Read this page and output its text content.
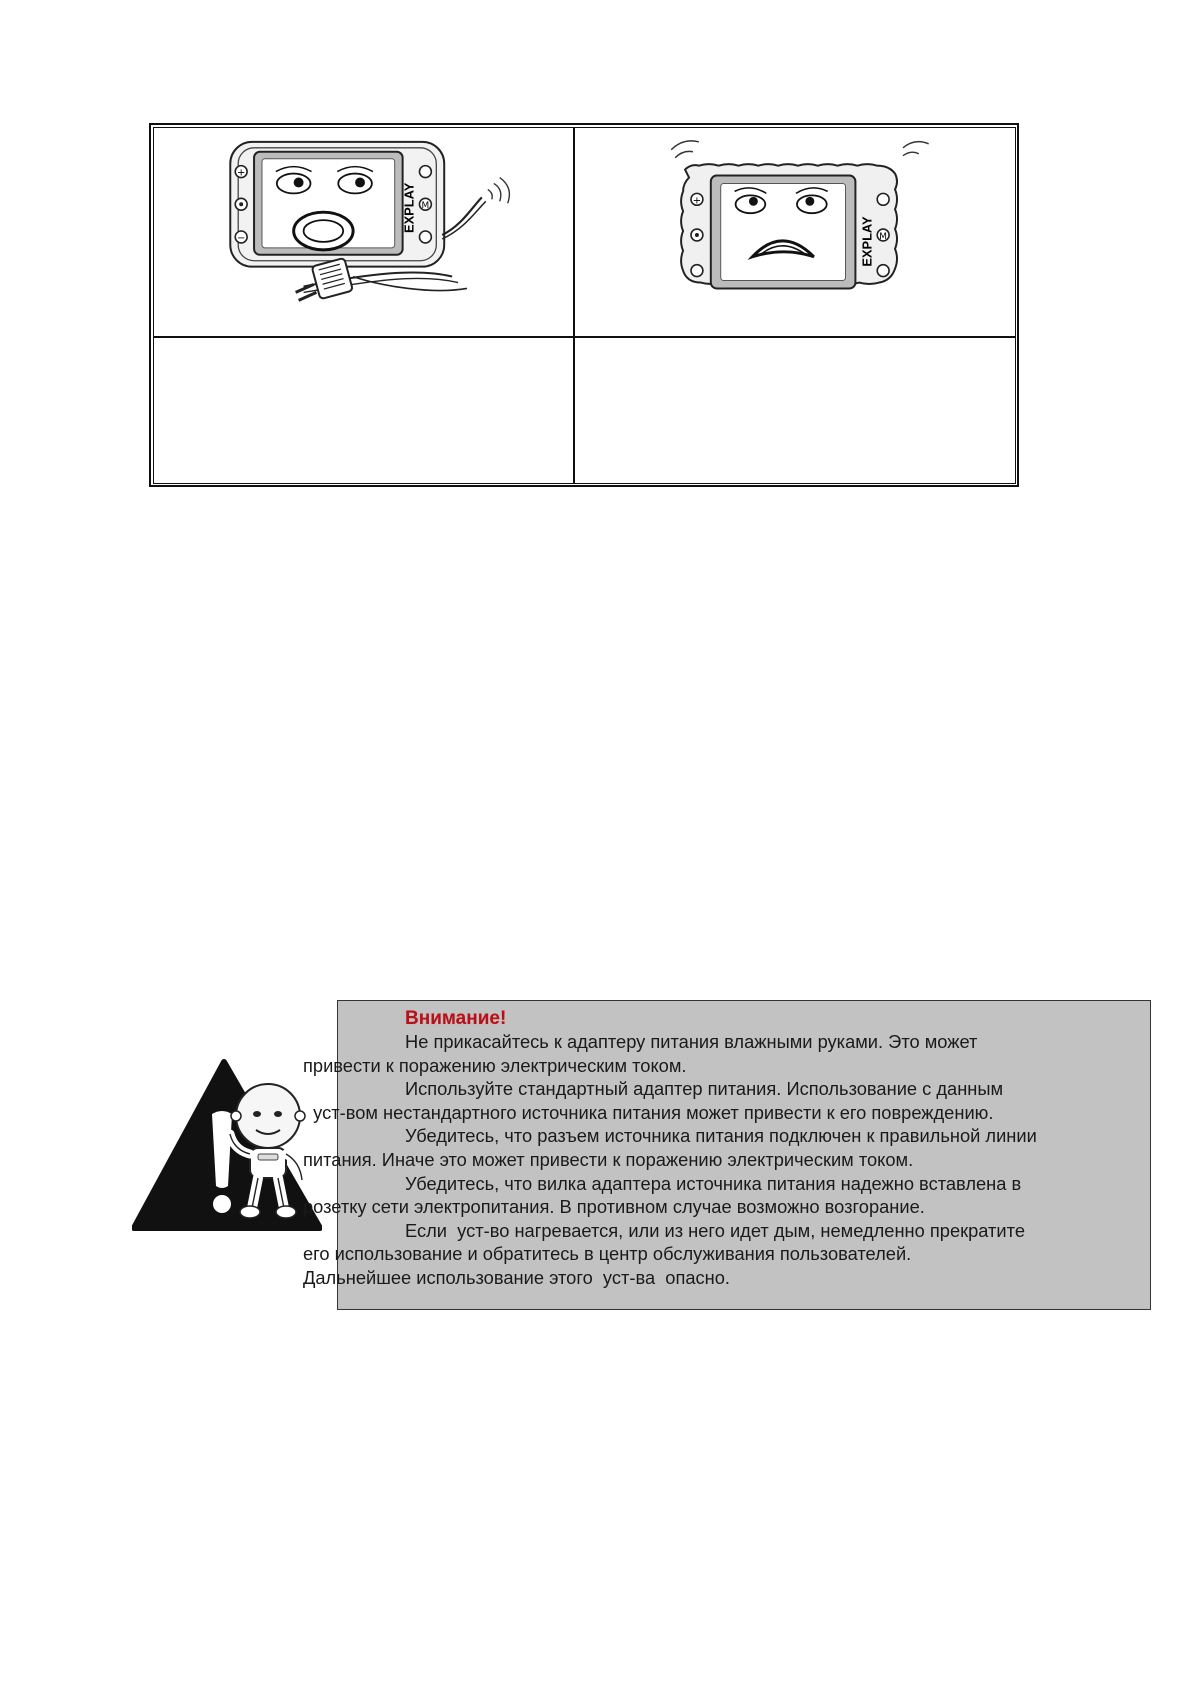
+
−
M
EXPLAY	+
M
EXPLAY
Внимание!

Не прикасайтесь к адаптеру питания влажными руками. Это может
привести к поражению электрическим током.

Используйте стандартный адаптер питания. Использование с данным
уст-вом нестандартного источника питания может привести к его повреждению.

Убедитесь, что разъем источника питания подключен к правильной линии
питания. Иначе это может привести к поражению электрическим током.

Убедитесь, что вилка адаптера источника питания надежно вставлена в
розетку сети электропитания. В противном случае возможно возгорание.

Если  уст-во нагревается, или из него идет дым, немедленно прекратите
его использование и обратитесь в центр обслуживания пользователей.
Дальнейшее использование этого  уст-ва  опасно.
